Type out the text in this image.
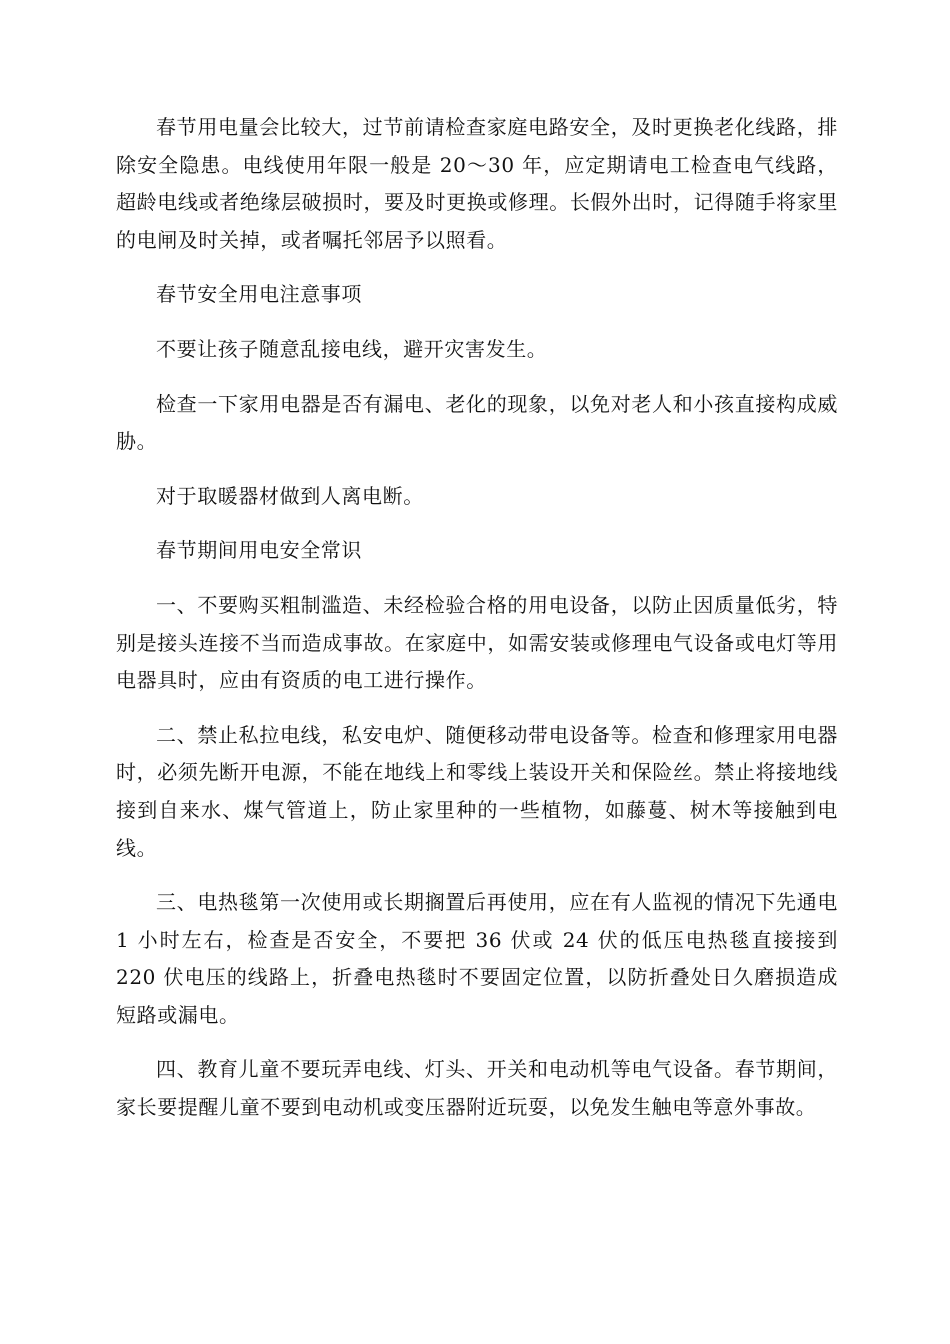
春节用电量会比较大，过节前请检查家庭电路安全，及时更换老化线路，排除安全隐患。电线使用年限一般是 20～30 年，应定期请电工检查电气线路，超龄电线或者绝缘层破损时，要及时更换或修理。长假外出时，记得随手将家里的电闸及时关掉，或者嘱托邻居予以照看。

春节安全用电注意事项

不要让孩子随意乱接电线，避开灾害发生。

检查一下家用电器是否有漏电、老化的现象，以免对老人和小孩直接构成威胁。

对于取暖器材做到人离电断。

春节期间用电安全常识

一、不要购买粗制滥造、未经检验合格的用电设备，以防止因质量低劣，特别是接头连接不当而造成事故。在家庭中，如需安装或修理电气设备或电灯等用电器具时，应由有资质的电工进行操作。

二、禁止私拉电线，私安电炉、随便移动带电设备等。检查和修理家用电器时，必须先断开电源，不能在地线上和零线上装设开关和保险丝。禁止将接地线接到自来水、煤气管道上，防止家里种的一些植物，如藤蔓、树木等接触到电线。

三、电热毯第一次使用或长期搁置后再使用，应在有人监视的情况下先通电 1 小时左右，检查是否安全，不要把 36 伏或 24 伏的低压电热毯直接接到 220 伏电压的线路上，折叠电热毯时不要固定位置，以防折叠处日久磨损造成短路或漏电。

四、教育儿童不要玩弄电线、灯头、开关和电动机等电气设备。春节期间，家长要提醒儿童不要到电动机或变压器附近玩耍，以免发生触电等意外事故。
